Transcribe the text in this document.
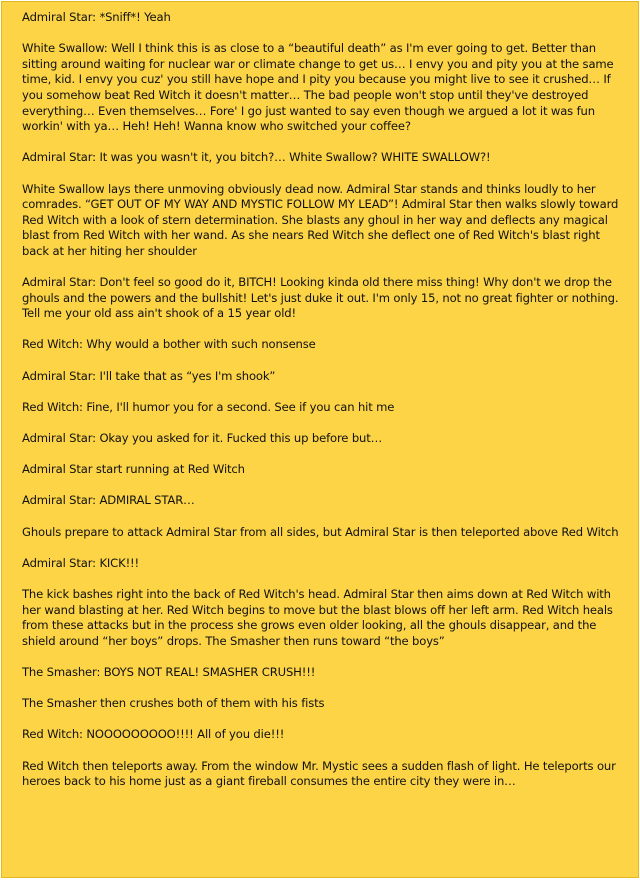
Admiral Star: *Sniff*! Yeah

White Swallow: Well I think this is as close to a “beautiful death” as I'm ever going to get. Better than sitting around waiting for nuclear war or climate change to get us… I envy you and pity you at the same time, kid. I envy you cuz' you still have hope and I pity you because you might live to see it crushed… If you somehow beat Red Witch it doesn't matter… The bad people won't stop until they've destroyed everything… Even themselves… Fore' I go just wanted to say even though we argued a lot it was fun workin' with ya… Heh! Heh! Wanna know who switched your coffee?

Admiral Star: It was you wasn't it, you bitch?… White Swallow? WHITE SWALLOW?!

White Swallow lays there unmoving obviously dead now. Admiral Star stands and thinks loudly to her comrades. “GET OUT OF MY WAY AND MYSTIC FOLLOW MY LEAD”! Admiral Star then walks slowly toward Red Witch with a look of stern determination. She blasts any ghoul in her way and deflects any magical blast from Red Witch with her wand. As she nears Red Witch she deflect one of Red Witch's blast right back at her hiting her shoulder

Admiral Star: Don't feel so good do it, BITCH! Looking kinda old there miss thing! Why don't we drop the ghouls and the powers and the bullshit! Let's just duke it out. I'm only 15, not no great fighter or nothing. Tell me your old ass ain't shook of a 15 year old!

Red Witch: Why would a bother with such nonsense

Admiral Star: I'll take that as “yes I'm shook”

Red Witch: Fine, I'll humor you for a second. See if you can hit me

Admiral Star: Okay you asked for it. Fucked this up before but…

Admiral Star start running at Red Witch

Admiral Star: ADMIRAL STAR…

Ghouls prepare to attack Admiral Star from all sides, but Admiral Star is then teleported above Red Witch

Admiral Star: KICK!!!

The kick bashes right into the back of Red Witch's head. Admiral Star then aims down at Red Witch with her wand blasting at her. Red Witch begins to move but the blast blows off her left arm. Red Witch heals from these attacks but in the process she grows even older looking, all the ghouls disappear, and the shield around “her boys” drops. The Smasher then runs toward “the boys”

The Smasher: BOYS NOT REAL! SMASHER CRUSH!!!

The Smasher then crushes both of them with his fists

Red Witch: NOOOOOOOOO!!!! All of you die!!!

Red Witch then teleports away. From the window Mr. Mystic sees a sudden flash of light. He teleports our heroes back to his home just as a giant fireball consumes the entire city they were in…
